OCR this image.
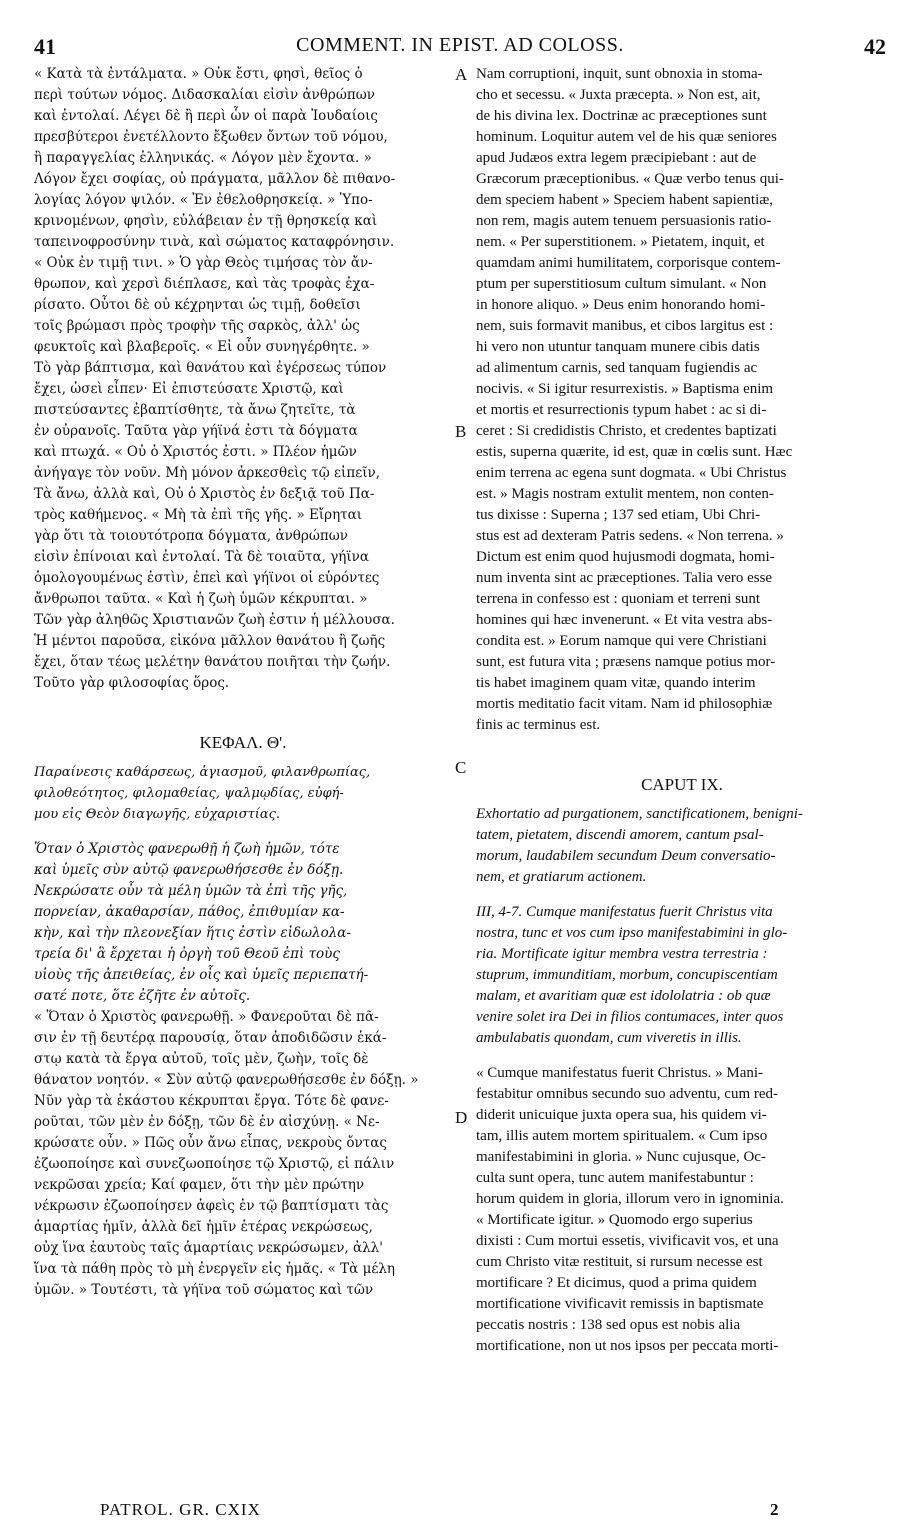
41	COMMENT. IN EPIST. AD COLOSS.	42
« Κατὰ τὰ ἐντάλματα. » Οὐκ ἔστι, φησὶ, θεῖος ὁ
περὶ τούτων νόμος. Διδασκαλίαι εἰσὶν ἀνθρώπων
καὶ ἐντολαί. Λέγει δὲ ἢ περὶ ὧν οἱ παρὰ Ἰουδαίοις
πρεσβύτεροι ἐνετέλλοντο ἔξωθεν ὄντων τοῦ νόμου,
ἢ παραγγελίας ἑλληνικάς. « Λόγον μὲν ἔχοντα. »
Λόγον ἔχει σοφίας, οὐ πράγματα, μᾶλλον δὲ πιθανο-
λογίας λόγον ψιλόν. « Ἐν ἐθελοθρησκείᾳ. » Ὑπο-
κρινομένων, φησὶν, εὐλάβειαν ἐν τῇ θρησκείᾳ καὶ
ταπεινοφροσύνην τινὰ, καὶ σώματος καταφρόνησιν.
« Οὐκ ἐν τιμῇ τινι. » Ὁ γὰρ Θεὸς τιμήσας τὸν ἄν-
θρωπον, καὶ χερσὶ διέπλασε, καὶ τὰς τροφὰς ἐχα-
ρίσατο. Οὗτοι δὲ οὐ κέχρηνται ὡς τιμῇ, δοθεῖσι
τοῖς βρώμασι πρὸς τροφὴν τῆς σαρκὸς, ἀλλ' ὡς
φευκτοῖς καὶ βλαβεροῖς. « Εἰ οὖν συνηγέρθητε. »
Τὸ γὰρ βάπτισμα, καὶ θανάτου καὶ ἐγέρσεως τύπον
ἔχει, ὡσεὶ εἶπεν· Εἰ ἐπιστεύσατε Χριστῷ, καὶ
πιστεύσαντες ἐβαπτίσθητε, τὰ ἄνω ζητεῖτε, τὰ
ἐν οὐρανοῖς. Ταῦτα γὰρ γήϊνά ἐστι τὰ δόγματα
καὶ πτωχά. « Οὐ ὁ Χριστός ἐστι. » Πλέον ἡμῶν
ἀνήγαγε τὸν νοῦν. Μὴ μόνον ἀρκεσθεὶς τῷ εἰπεῖν,
Τὰ ἄνω, ἀλλὰ καὶ, Οὐ ὁ Χριστὸς ἐν δεξιᾷ τοῦ Πα-
τρὸς καθήμενος. « Μὴ τὰ ἐπὶ τῆς γῆς. » Εἴρηται
γὰρ ὅτι τὰ τοιουτότροπα δόγματα, ἀνθρώπων
εἰσὶν ἐπίνοιαι καὶ ἐντολαί. Τὰ δὲ τοιαῦτα, γήϊνα
ὁμολογουμένως ἐστὶν, ἐπεὶ καὶ γήϊνοι οἱ εὑρόντες
ἄνθρωποι ταῦτα. « Καὶ ἡ ζωὴ ὑμῶν κέκρυπται. »
Τῶν γὰρ ἀληθῶς Χριστιανῶν ζωὴ ἐστιν ἡ μέλλουσα.
Ἡ μέντοι παροῦσα, εἰκόνα μᾶλλον θανάτου ἢ ζωῆς
ἔχει, ὅταν τέως μελέτην θανάτου ποιῆται τὴν ζωήν.
Τοῦτο γὰρ φιλοσοφίας ὅρος.
ΚΕΦΑΛ. Θ'.
Παραίνεσις καθάρσεως, ἁγιασμοῦ, φιλανθρωπίας,
φιλοθεότητος, φιλομαθείας, ψαλμῳδίας, εὐφή-
μου εἰς Θεὸν διαγωγῆς, εὐχαριστίας.
Ὅταν ὁ Χριστὸς φανερωθῇ ἡ ζωὴ ἡμῶν, τότε
καὶ ὑμεῖς σὺν αὐτῷ φανερωθήσεσθε ἐν δόξῃ.
Νεκρώσατε οὖν τὰ μέλη ὑμῶν τὰ ἐπὶ τῆς γῆς,
πορνείαν, ἀκαθαρσίαν, πάθος, ἐπιθυμίαν κα-
κὴν, καὶ τὴν πλεονεξίαν ἥτις ἐστὶν εἰδωλολα-
τρεία δι' ἃ ἔρχεται ἡ ὀργὴ τοῦ Θεοῦ ἐπὶ τοὺς
υἱοὺς τῆς ἀπειθείας, ἐν οἷς καὶ ὑμεῖς περιεπατή-
σατέ ποτε, ὅτε ἐζῆτε ἐν αὐτοῖς.
« Ὅταν ὁ Χριστὸς φανερωθῇ. » Φανεροῦται δὲ πᾶ-
σιν ἐν τῇ δευτέρᾳ παρουσίᾳ, ὅταν ἀποδιδῶσιν ἑκά-
στῳ κατὰ τὰ ἔργα αὐτοῦ, τοῖς μὲν, ζωὴν, τοῖς δὲ
θάνατον νοητόν. « Σὺν αὐτῷ φανερωθήσεσθε ἐν δόξῃ. »
Νῦν γὰρ τὰ ἑκάστου κέκρυπται ἔργα. Τότε δὲ φανε-
ροῦται, τῶν μὲν ἐν δόξῃ, τῶν δὲ ἐν αἰσχύνῃ. « Νε-
κρώσατε οὖν. » Πῶς οὖν ἄνω εἶπας, νεκροὺς ὄντας
ἐζωοποίησε καὶ συνεζωοποίησε τῷ Χριστῷ, εἰ πάλιν
νεκρῶσαι χρεία; Καί φαμεν, ὅτι τὴν μὲν πρώτην
νέκρωσιν ἐζωοποίησεν ἀφεὶς ἐν τῷ βαπτίσματι τὰς
ἁμαρτίας ἡμῖν, ἀλλὰ δεῖ ἡμῖν ἑτέρας νεκρώσεως,
οὐχ ἵνα ἑαυτοὺς ταῖς ἁμαρτίαις νεκρώσωμεν, ἀλλ'
ἵνα τὰ πάθη πρὸς τὸ μὴ ἐνεργεῖν εἰς ἡμᾶς. « Τὰ μέλη
ὑμῶν. » Τουτέστι, τὰ γήϊνα τοῦ σώματος καὶ τῶν
Nam corruptioni, inquit, sunt obnoxia in stoma-
cho et secessu. « Juxta præcepta. » Non est, ait,
de his divina lex. Doctrinæ ac præceptiones sunt
hominum. Loquitur autem vel de his quæ seniores
apud Judæos extra legem præcipiebant : aut de
Græcorum præceptionibus. « Quæ verbo tenus qui-
dem speciem habent » Speciem habent sapientiæ,
non rem, magis autem tenuem persuasionis ratio-
nem. « Per superstitionem. » Pietatem, inquit, et
quamdam animi humilitatem, corporisque contem-
ptum per superstitiosum cultum simulant. « Non
in honore aliquo. » Deus enim honorando homi-
nem, suis formavit manibus, et cibos largitus est :
hi vero non utuntur tanquam munere cibis datis
ad alimentum carnis, sed tanquam fugiendis ac
nocivis. « Si igitur resurrexistis. » Baptisma enim
et mortis et resurrectionis typum habet : ac si di-
ceret : Si credidistis Christo, et credentes baptizati
estis, superna quærite, id est, quæ in cœlis sunt. Hæc
enim terrena ac egena sunt dogmata. « Ubi Christus
est. » Magis nostram extulit mentem, non conten-
tus dixisse : Superna ; 137 sed etiam, Ubi Chri-
stus est ad dexteram Patris sedens. « Non terrena. »
Dictum est enim quod hujusmodi dogmata, homi-
num inventa sint ac præceptiones. Talia vero esse
terrena in confesso est : quoniam et terreni sunt
homines qui hæc invenerunt. « Et vita vestra abs-
condita est. » Eorum namque qui vere Christiani
sunt, est futura vita ; præsens namque potius mor-
tis habet imaginem quam vitæ, quando interim
mortis meditatio facit vitam. Nam id philosophiæ
finis ac terminus est.
CAPUT IX.
Exhortatio ad purgationem, sanctificationem, benigni-
tatem, pietatem, discendi amorem, cantum psal-
morum, laudabilem secundum Deum conversatio-
nem, et gratiarum actionem.
III, 4-7. Cumque manifestatus fuerit Christus vita
nostra, tunc et vos cum ipso manifestabimini in glo-
ria. Mortificate igitur membra vestra terrestria :
stuprum, immunditiam, morbum, concupiscentiam
malam, et avaritiam quæ est idololatria : ob quæ
venire solet ira Dei in filios contumaces, inter quos
ambulabatis quondam, cum viveretis in illis.
« Cumque manifestatus fuerit Christus. » Mani-
festabitur omnibus secundo suo adventu, cum red-
diderit unicuique juxta opera sua, his quidem vi-
tam, illis autem mortem spiritualem. « Cum ipso
manifestabimini in gloria. » Nunc cujusque, Oc-
culta sunt opera, tunc autem manifestabuntur :
horum quidem in gloria, illorum vero in ignominia.
« Mortificate igitur. » Quomodo ergo superius
dixisti : Cum mortui essetis, vivificavit vos, et una
cum Christo vitæ restituit, si rursum necesse est
mortificare ? Et dicimus, quod a prima quidem
mortificatione vivificavit remissis in baptismate
peccatis nostris : 138 sed opus est nobis alia
mortificatione, non ut nos ipsos per peccata morti-
A
B
C
D
PATROL. GR. CXIX	2
